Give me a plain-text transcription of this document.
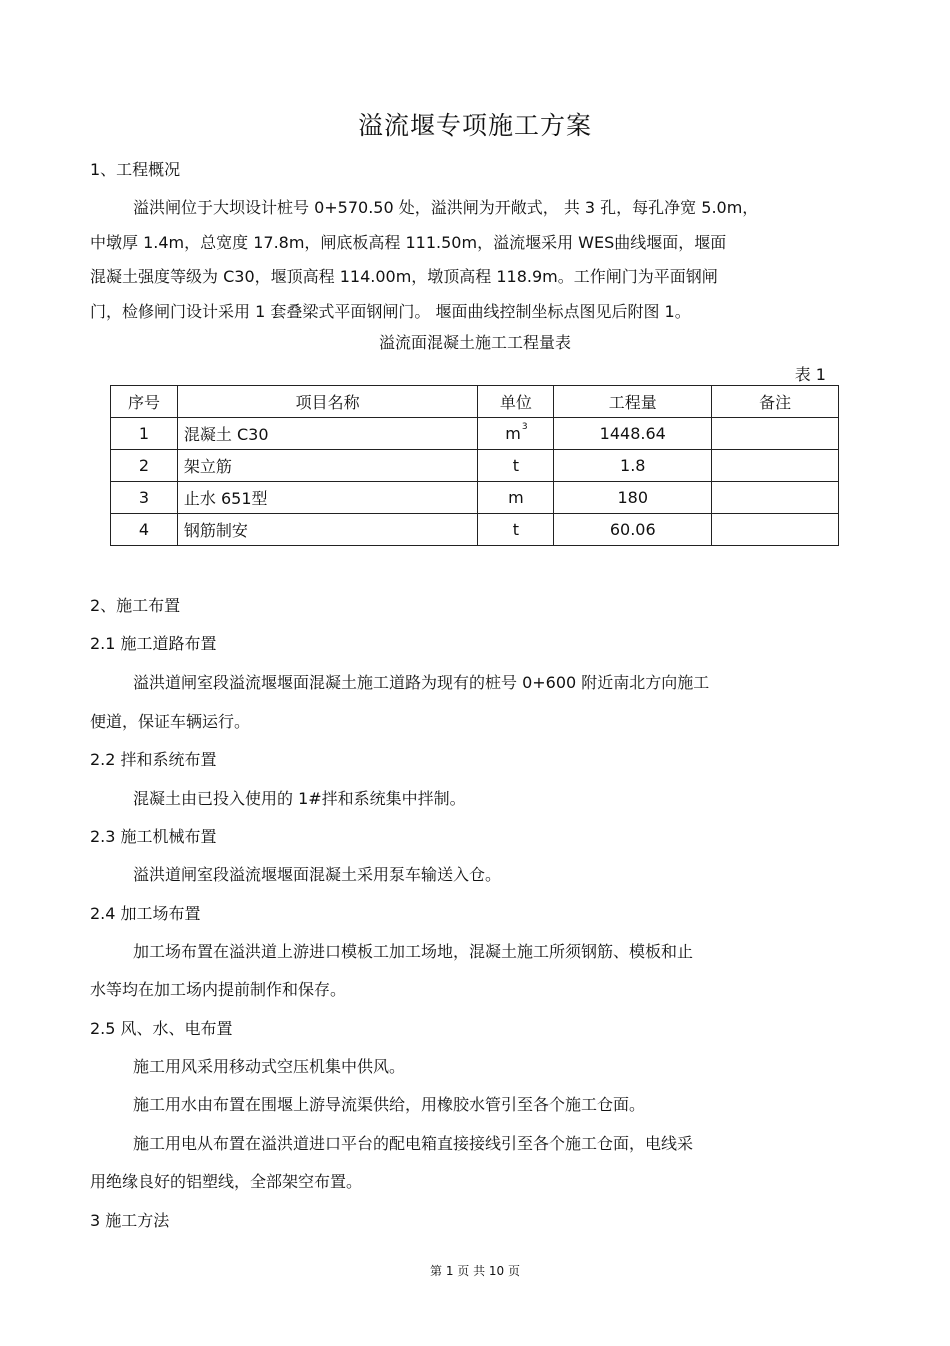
溢流堰专项施工方案
1、工程概况
溢洪闸位于大坝设计桩号 0+570.50 处，溢洪闸为开敞式， 共 3 孔，每孔净宽 5.0m，
中墩厚 1.4m，总宽度 17.8m，闸底板高程 111.50m，溢流堰采用 WES曲线堰面，堰面
混凝土强度等级为 C30，堰顶高程 114.00m，墩顶高程 118.9m。工作闸门为平面钢闸
门，检修闸门设计采用 1 套叠梁式平面钢闸门。 堰面曲线控制坐标点图见后附图 1。
溢流面混凝土施工工程量表
表 1
序号	项目名称	单位	工程量	备注
1	混凝土 C30	$m^3$	1448.64	
2	架立筋	t	1.8	
3	止水 651型	m	180	
4	钢筋制安	t	60.06	
2、施工布置
2.1 施工道路布置
溢洪道闸室段溢流堰堰面混凝土施工道路为现有的桩号 0+600 附近南北方向施工
便道，保证车辆运行。
2.2 拌和系统布置
混凝土由已投入使用的 1#拌和系统集中拌制。
2.3 施工机械布置
溢洪道闸室段溢流堰堰面混凝土采用泵车输送入仓。
2.4 加工场布置
加工场布置在溢洪道上游进口模板工加工场地，混凝土施工所须钢筋、模板和止
水等均在加工场内提前制作和保存。
2.5 风、水、电布置
施工用风采用移动式空压机集中供风。
施工用水由布置在围堰上游导流渠供给，用橡胶水管引至各个施工仓面。
施工用电从布置在溢洪道进口平台的配电箱直接接线引至各个施工仓面，电线采
用绝缘良好的铝塑线，全部架空布置。
3 施工方法
第 1 页 共 10 页
